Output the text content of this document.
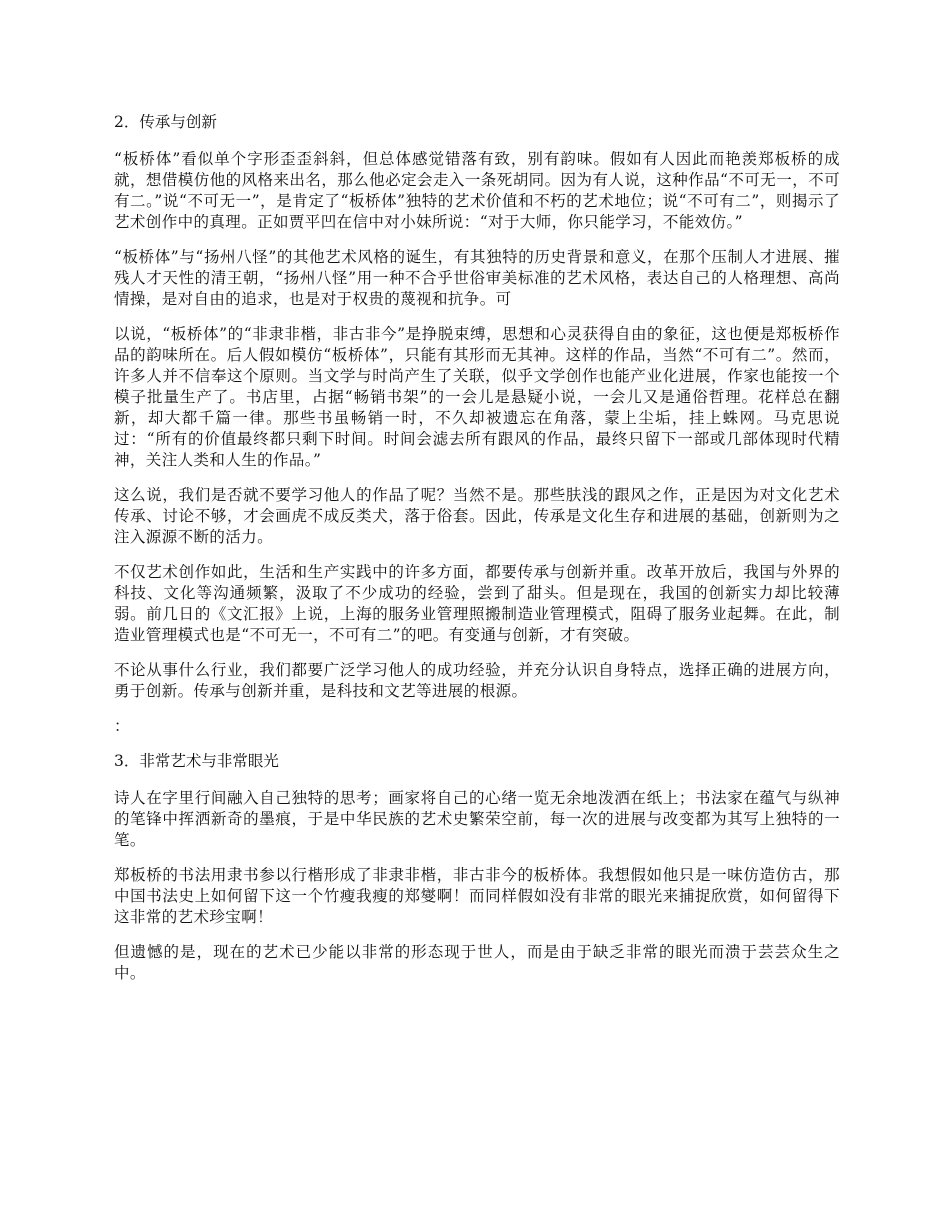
2．传承与创新

“板桥体”看似单个字形歪歪斜斜，但总体感觉错落有致，别有韵味。假如有人因此而艳羡郑板桥的成就，想借模仿他的风格来出名，那么他必定会走入一条死胡同。因为有人说，这种作品“不可无一，不可有二。”说“不可无一”，是肯定了“板桥体”独特的艺术价值和不朽的艺术地位；说“不可有二”，则揭示了艺术创作中的真理。正如贾平凹在信中对小妹所说：“对于大师，你只能学习，不能效仿。”

“板桥体”与“扬州八怪”的其他艺术风格的诞生，有其独特的历史背景和意义，在那个压制人才进展、摧残人才天性的清王朝，“扬州八怪”用一种不合乎世俗审美标准的艺术风格，表达自己的人格理想、高尚情操，是对自由的追求，也是对于权贵的蔑视和抗争。可

以说，“板桥体”的“非隶非楷，非古非今”是挣脱束缚，思想和心灵获得自由的象征，这也便是郑板桥作品的韵味所在。后人假如模仿“板桥体”，只能有其形而无其神。这样的作品，当然“不可有二”。然而，许多人并不信奉这个原则。当文学与时尚产生了关联，似乎文学创作也能产业化进展，作家也能按一个模子批量生产了。书店里，占据“畅销书架”的一会儿是悬疑小说，一会儿又是通俗哲理。花样总在翻新，却大都千篇一律。那些书虽畅销一时，不久却被遗忘在角落，蒙上尘垢，挂上蛛网。马克思说过：“所有的价值最终都只剩下时间。时间会滤去所有跟风的作品，最终只留下一部或几部体现时代精神，关注人类和人生的作品。”

这么说，我们是否就不要学习他人的作品了呢？当然不是。那些肤浅的跟风之作，正是因为对文化艺术传承、讨论不够，才会画虎不成反类犬，落于俗套。因此，传承是文化生存和进展的基础，创新则为之注入源源不断的活力。

不仅艺术创作如此，生活和生产实践中的许多方面，都要传承与创新并重。改革开放后，我国与外界的科技、文化等沟通频繁，汲取了不少成功的经验，尝到了甜头。但是现在，我国的创新实力却比较薄弱。前几日的《文汇报》上说，上海的服务业管理照搬制造业管理模式，阻碍了服务业起舞。在此，制造业管理模式也是“不可无一，不可有二”的吧。有变通与创新，才有突破。

不论从事什么行业，我们都要广泛学习他人的成功经验，并充分认识自身特点，选择正确的进展方向，勇于创新。传承与创新并重，是科技和文艺等进展的根源。

：
3．非常艺术与非常眼光

诗人在字里行间融入自己独特的思考；画家将自己的心绪一览无余地泼洒在纸上；书法家在蕴气与纵神的笔锋中挥洒新奇的墨痕，于是中华民族的艺术史繁荣空前，每一次的进展与改变都为其写上独特的一笔。

郑板桥的书法用隶书参以行楷形成了非隶非楷，非古非今的板桥体。我想假如他只是一味仿造仿古，那中国书法史上如何留下这一个竹瘦我瘦的郑燮啊！而同样假如没有非常的眼光来捕捉欣赏，如何留得下这非常的艺术珍宝啊！

但遗憾的是，现在的艺术已少能以非常的形态现于世人，而是由于缺乏非常的眼光而溃于芸芸众生之中。
